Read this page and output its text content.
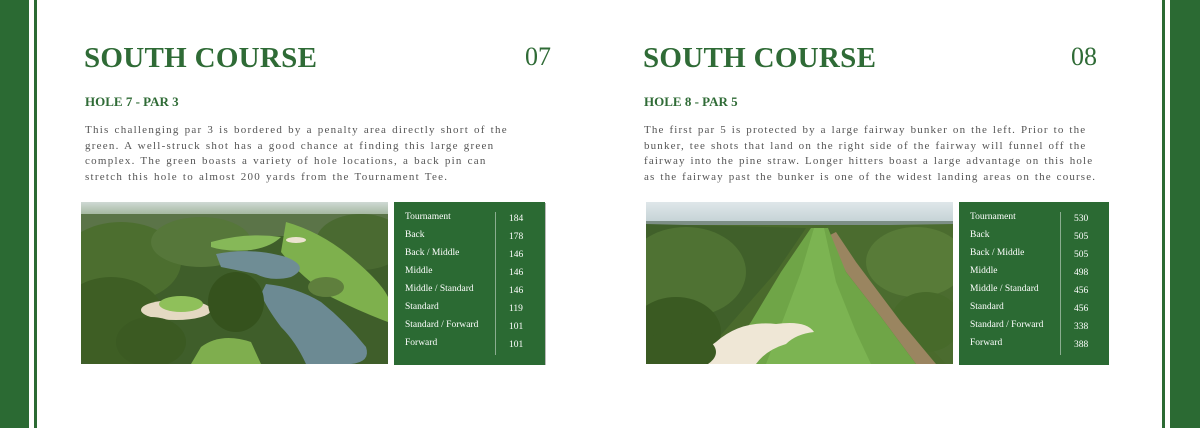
SOUTH COURSE	07
HOLE 7 - PAR 3

This challenging par 3 is bordered by a penalty area directly short of the green. A well-struck shot has a good chance at finding this large green complex. The green boasts a variety of hole locations, a back pin can stretch this hole to almost 200 yards from the Tournament Tee.

Tournament	184
Back	178
Back / Middle	146
Middle	146
Middle / Standard	146
Standard	119
Standard / Forward	101
Forward	101
SOUTH COURSE	08
HOLE 8 - PAR 5

The first par 5 is protected by a large fairway bunker on the left. Prior to the bunker, tee shots that land on the right side of the fairway will funnel off the fairway into the pine straw. Longer hitters boast a large advantage on this hole as the fairway past the bunker is one of the widest landing areas on the course.

Tournament	530
Back	505
Back / Middle	505
Middle	498
Middle / Standard	456
Standard	456
Standard / Forward	338
Forward	388
